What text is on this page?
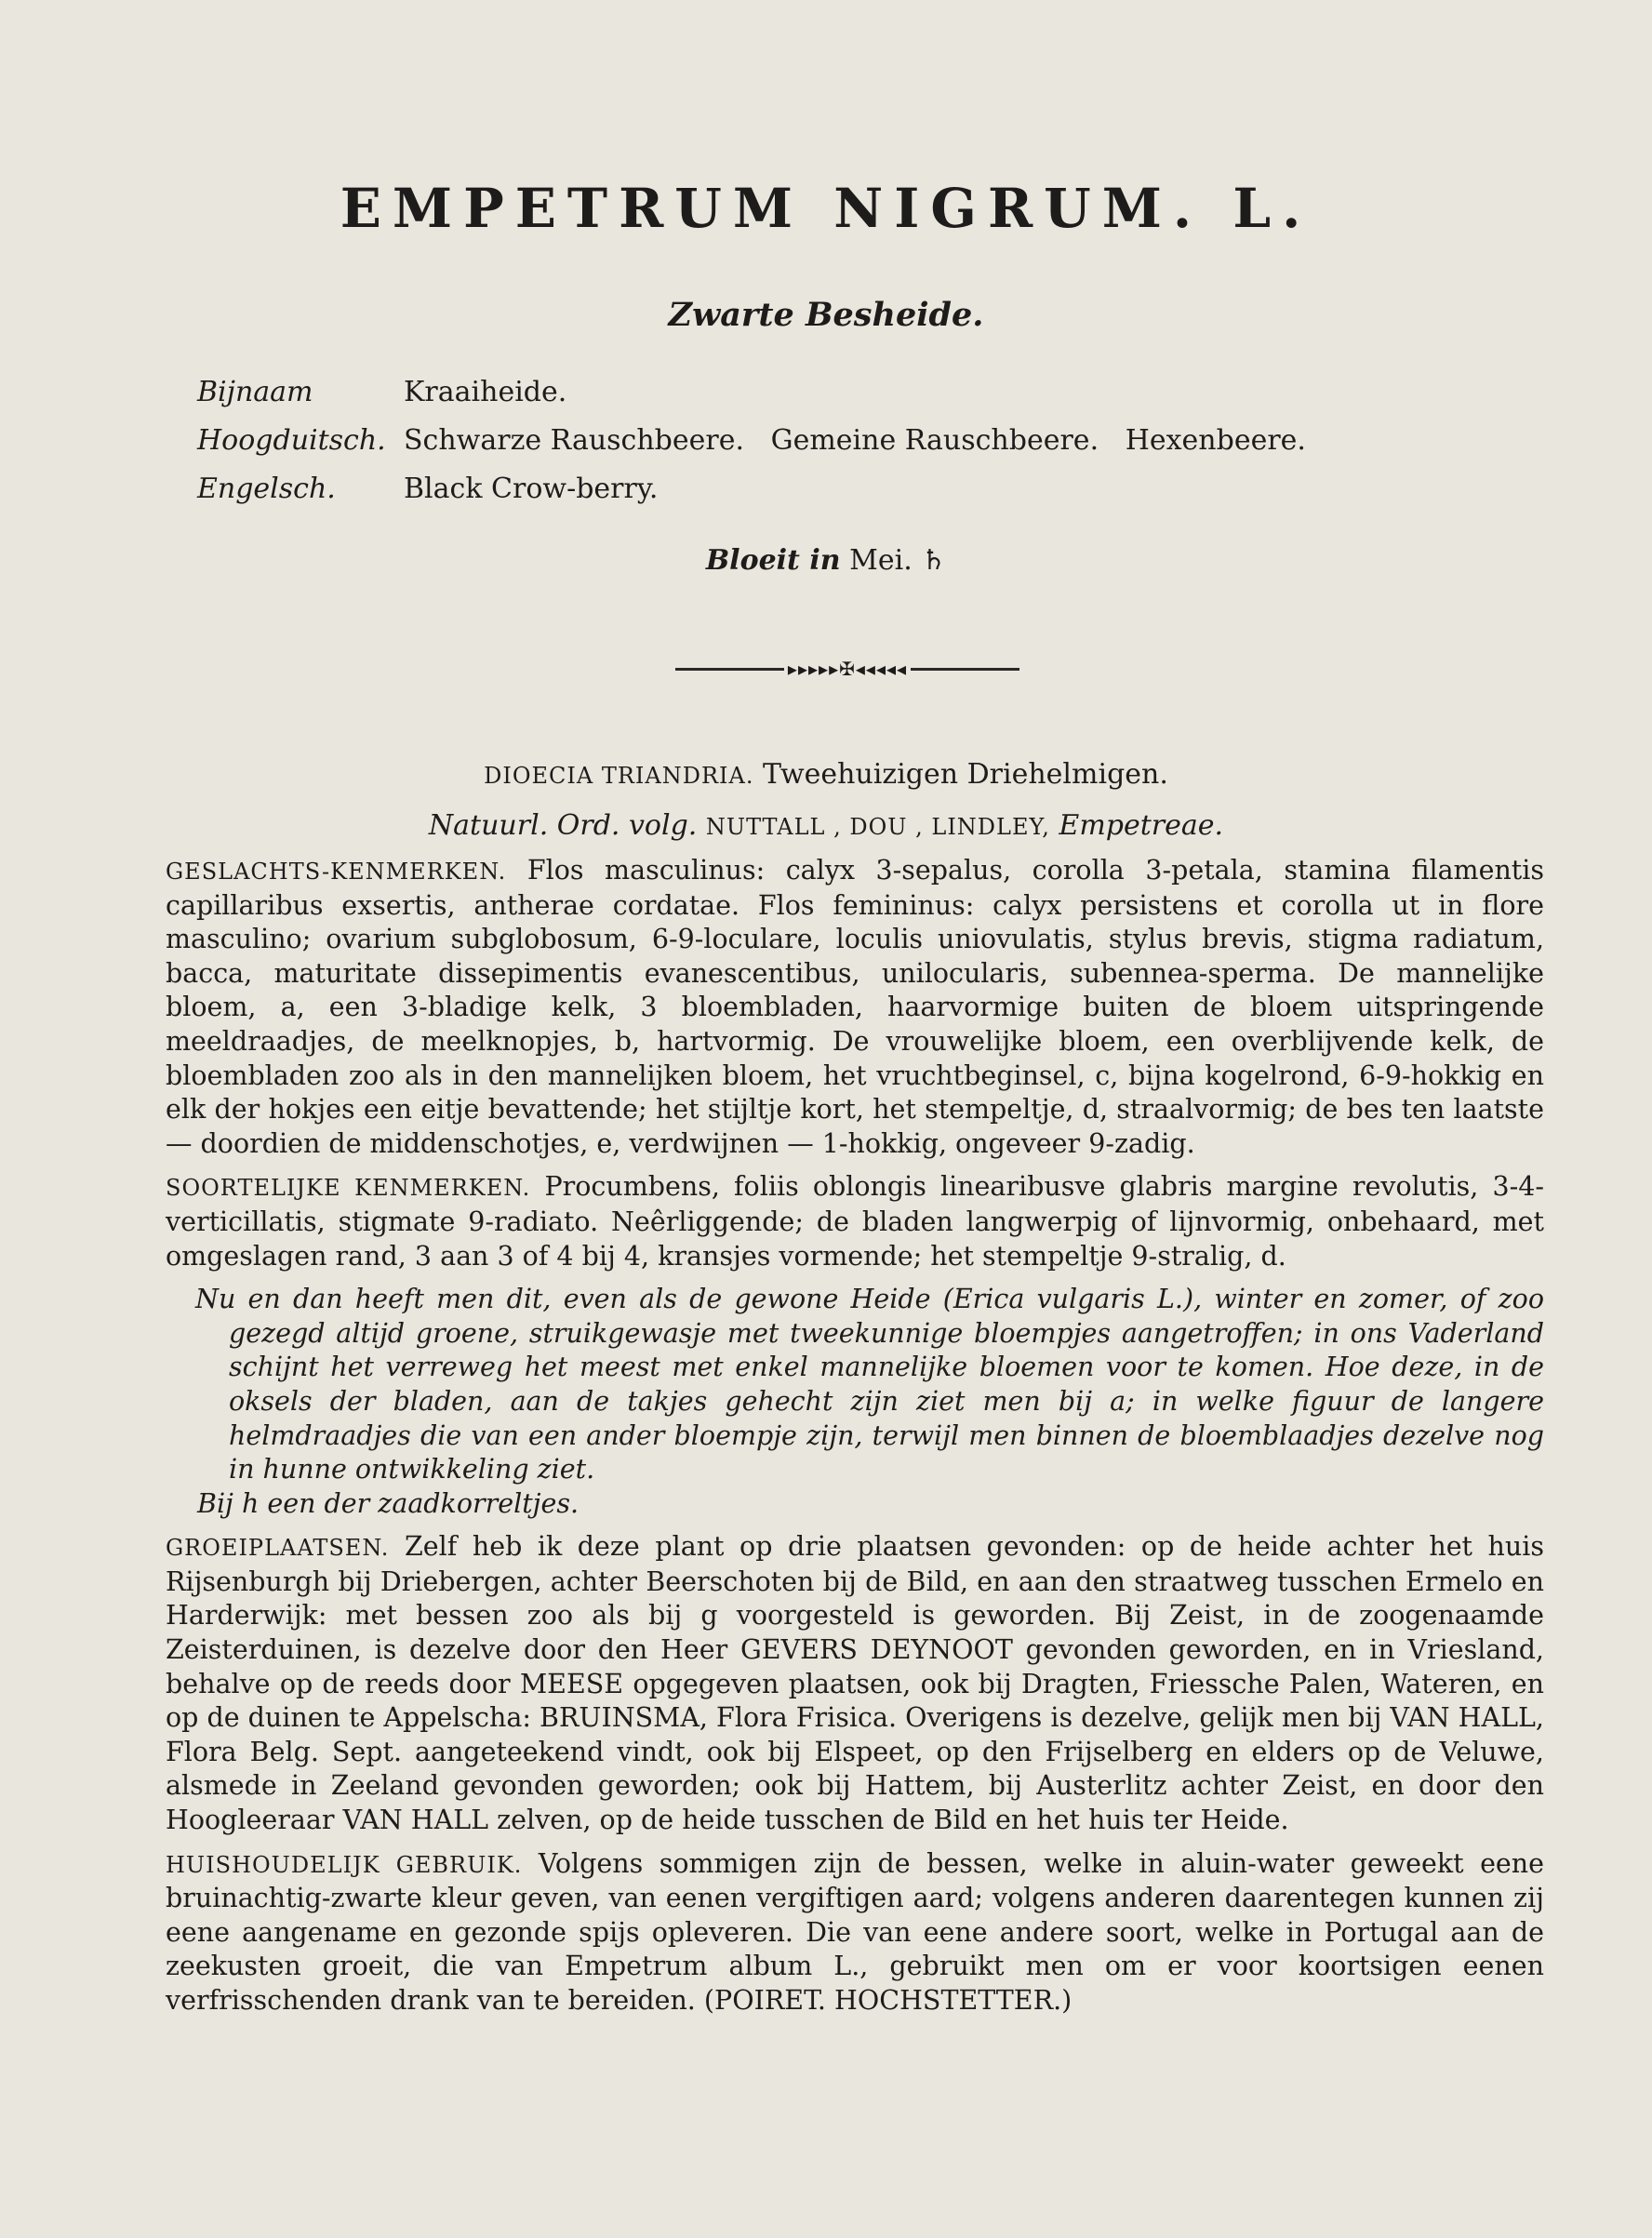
EMPETRUM NIGRUM. L.
Zwarte Besheide.
Bijnaam	Kraaiheide.
Hoogduitsch. Schwarze Rauschbeere.   Gemeine Rauschbeere.   Hexenbeere.
Engelsch.	Black Crow-berry.
Bloeit in Mei. ♄
▸▸▸▸▸✠◂◂◂◂◂
DIOECIA TRIANDRIA. Tweehuizigen Driehelmigen.
Natuurl. Ord. volg. NUTTALL , DOU , LINDLEY, Empetreae.

GESLACHTS-KENMERKEN. Flos masculinus: calyx 3-sepalus, corolla 3-petala, stamina filamentis capillaribus exsertis, antherae cordatae. Flos femininus: calyx persistens et corolla ut in flore masculino; ovarium subglobosum, 6-9-loculare, loculis uniovulatis, stylus brevis, stigma radiatum, bacca, maturitate dissepimentis evanescentibus, unilocularis, subennea-sperma. De mannelijke bloem, a, een 3-bladige kelk, 3 bloembladen, haarvormige buiten de bloem uitspringende meeldraadjes, de meelknopjes, b, hartvormig. De vrouwelijke bloem, een overblijvende kelk, de bloembladen zoo als in den mannelijken bloem, het vruchtbeginsel, c, bijna kogelrond, 6-9-hokkig en elk der hokjes een eitje bevattende; het stijltje kort, het stempeltje, d, straalvormig; de bes ten laatste — doordien de middenschotjes, e, verdwijnen — 1-hokkig, ongeveer 9-zadig.

SOORTELIJKE KENMERKEN. Procumbens, foliis oblongis linearibusve glabris margine revolutis, 3-4-verticillatis, stigmate 9-radiato. Neêrliggende; de bladen langwerpig of lijnvormig, onbehaard, met omgeslagen rand, 3 aan 3 of 4 bij 4, kransjes vormende; het stempeltje 9-stralig, d.

Nu en dan heeft men dit, even als de gewone Heide (Erica vulgaris L.), winter en zomer, of zoo gezegd altijd groene, struikgewasje met tweekunnige bloempjes aangetroffen; in ons Vaderland schijnt het verreweg het meest met enkel mannelijke bloemen voor te komen. Hoe deze, in de oksels der bladen, aan de takjes gehecht zijn ziet men bij a; in welke figuur de langere helmdraadjes die van een ander bloempje zijn, terwijl men binnen de bloemblaadjes dezelve nog in hunne ontwikkeling ziet.

Bij h een der zaadkorreltjes.

GROEIPLAATSEN. Zelf heb ik deze plant op drie plaatsen gevonden: op de heide achter het huis Rijsenburgh bij Driebergen, achter Beerschoten bij de Bild, en aan den straatweg tusschen Ermelo en Harderwijk: met bessen zoo als bij g voorgesteld is geworden. Bij Zeist, in de zoogenaamde Zeisterduinen, is dezelve door den Heer GEVERS DEYNOOT gevonden geworden, en in Vriesland, behalve op de reeds door MEESE opgegeven plaatsen, ook bij Dragten, Friessche Palen, Wateren, en op de duinen te Appelscha: BRUINSMA, Flora Frisica. Overigens is dezelve, gelijk men bij VAN HALL, Flora Belg. Sept. aangeteekend vindt, ook bij Elspeet, op den Frijselberg en elders op de Veluwe, alsmede in Zeeland gevonden geworden; ook bij Hattem, bij Austerlitz achter Zeist, en door den Hoogleeraar VAN HALL zelven, op de heide tusschen de Bild en het huis ter Heide.

HUISHOUDELIJK GEBRUIK. Volgens sommigen zijn de bessen, welke in aluin-water geweekt eene bruinachtig-zwarte kleur geven, van eenen vergiftigen aard; volgens anderen daarentegen kunnen zij eene aangename en gezonde spijs opleveren. Die van eene andere soort, welke in Portugal aan de zeekusten groeit, die van Empetrum album L., gebruikt men om er voor koortsigen eenen verfrisschenden drank van te bereiden. (POIRET. HOCHSTETTER.)
